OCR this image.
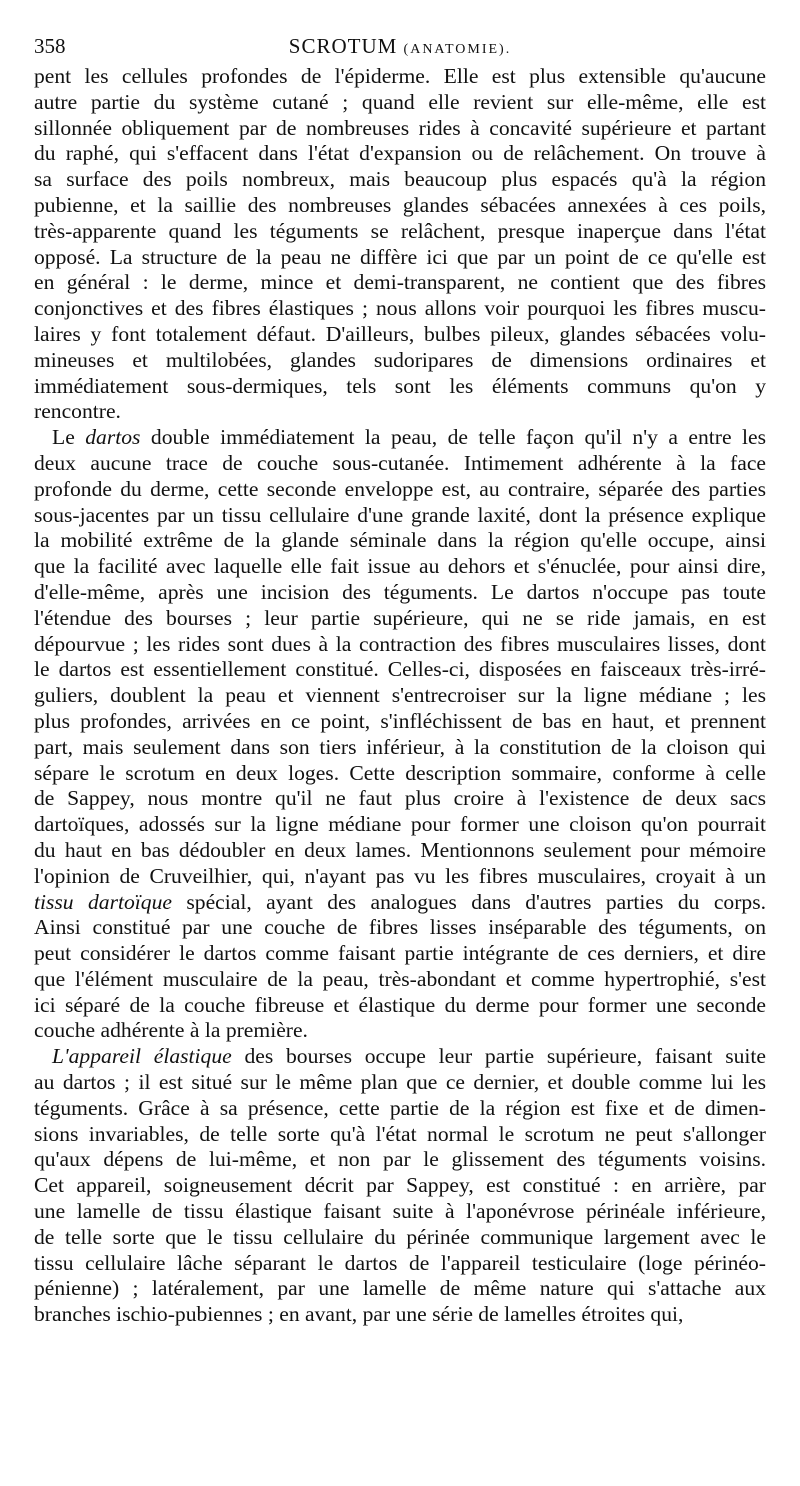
358	SCROTUM (ANATOMIE).
pent les cellules profondes de l'épiderme. Elle est plus extensible qu'aucune
autre partie du système cutané ; quand elle revient sur elle-même, elle est
sillonnée obliquement par de nombreuses rides à concavité supérieure et partant
du raphé, qui s'effacent dans l'état d'expansion ou de relâchement. On trouve à
sa surface des poils nombreux, mais beaucoup plus espacés qu'à la région
pubienne, et la saillie des nombreuses glandes sébacées annexées à ces poils,
très-apparente quand les téguments se relâchent, presque inaperçue dans l'état
opposé. La structure de la peau ne diffère ici que par un point de ce qu'elle est
en général : le derme, mince et demi-transparent, ne contient que des fibres
conjonctives et des fibres élastiques ; nous allons voir pourquoi les fibres muscu-
laires y font totalement défaut. D'ailleurs, bulbes pileux, glandes sébacées volu-
mineuses et multilobées, glandes sudoripares de dimensions ordinaires et
immédiatement sous-dermiques, tels sont les éléments communs qu'on y
rencontre.
Le dartos double immédiatement la peau, de telle façon qu'il n'y a entre les
deux aucune trace de couche sous-cutanée. Intimement adhérente à la face
profonde du derme, cette seconde enveloppe est, au contraire, séparée des parties
sous-jacentes par un tissu cellulaire d'une grande laxité, dont la présence explique
la mobilité extrême de la glande séminale dans la région qu'elle occupe, ainsi
que la facilité avec laquelle elle fait issue au dehors et s'énuclée, pour ainsi dire,
d'elle-même, après une incision des téguments. Le dartos n'occupe pas toute
l'étendue des bourses ; leur partie supérieure, qui ne se ride jamais, en est
dépourvue ; les rides sont dues à la contraction des fibres musculaires lisses, dont
le dartos est essentiellement constitué. Celles-ci, disposées en faisceaux très-irré-
guliers, doublent la peau et viennent s'entrecroiser sur la ligne médiane ; les
plus profondes, arrivées en ce point, s'infléchissent de bas en haut, et prennent
part, mais seulement dans son tiers inférieur, à la constitution de la cloison qui
sépare le scrotum en deux loges. Cette description sommaire, conforme à celle
de Sappey, nous montre qu'il ne faut plus croire à l'existence de deux sacs
dartoïques, adossés sur la ligne médiane pour former une cloison qu'on pourrait
du haut en bas dédoubler en deux lames. Mentionnons seulement pour mémoire
l'opinion de Cruveilhier, qui, n'ayant pas vu les fibres musculaires, croyait à un
tissu dartoïque spécial, ayant des analogues dans d'autres parties du corps.
Ainsi constitué par une couche de fibres lisses inséparable des téguments, on
peut considérer le dartos comme faisant partie intégrante de ces derniers, et dire
que l'élément musculaire de la peau, très-abondant et comme hypertrophié, s'est
ici séparé de la couche fibreuse et élastique du derme pour former une seconde
couche adhérente à la première.
L'appareil élastique des bourses occupe leur partie supérieure, faisant suite
au dartos ; il est situé sur le même plan que ce dernier, et double comme lui les
téguments. Grâce à sa présence, cette partie de la région est fixe et de dimen-
sions invariables, de telle sorte qu'à l'état normal le scrotum ne peut s'allonger
qu'aux dépens de lui-même, et non par le glissement des téguments voisins.
Cet appareil, soigneusement décrit par Sappey, est constitué : en arrière, par
une lamelle de tissu élastique faisant suite à l'aponévrose périnéale inférieure,
de telle sorte que le tissu cellulaire du périnée communique largement avec le
tissu cellulaire lâche séparant le dartos de l'appareil testiculaire (loge périnéo-
pénienne) ; latéralement, par une lamelle de même nature qui s'attache aux
branches ischio-pubiennes ; en avant, par une série de lamelles étroites qui,
